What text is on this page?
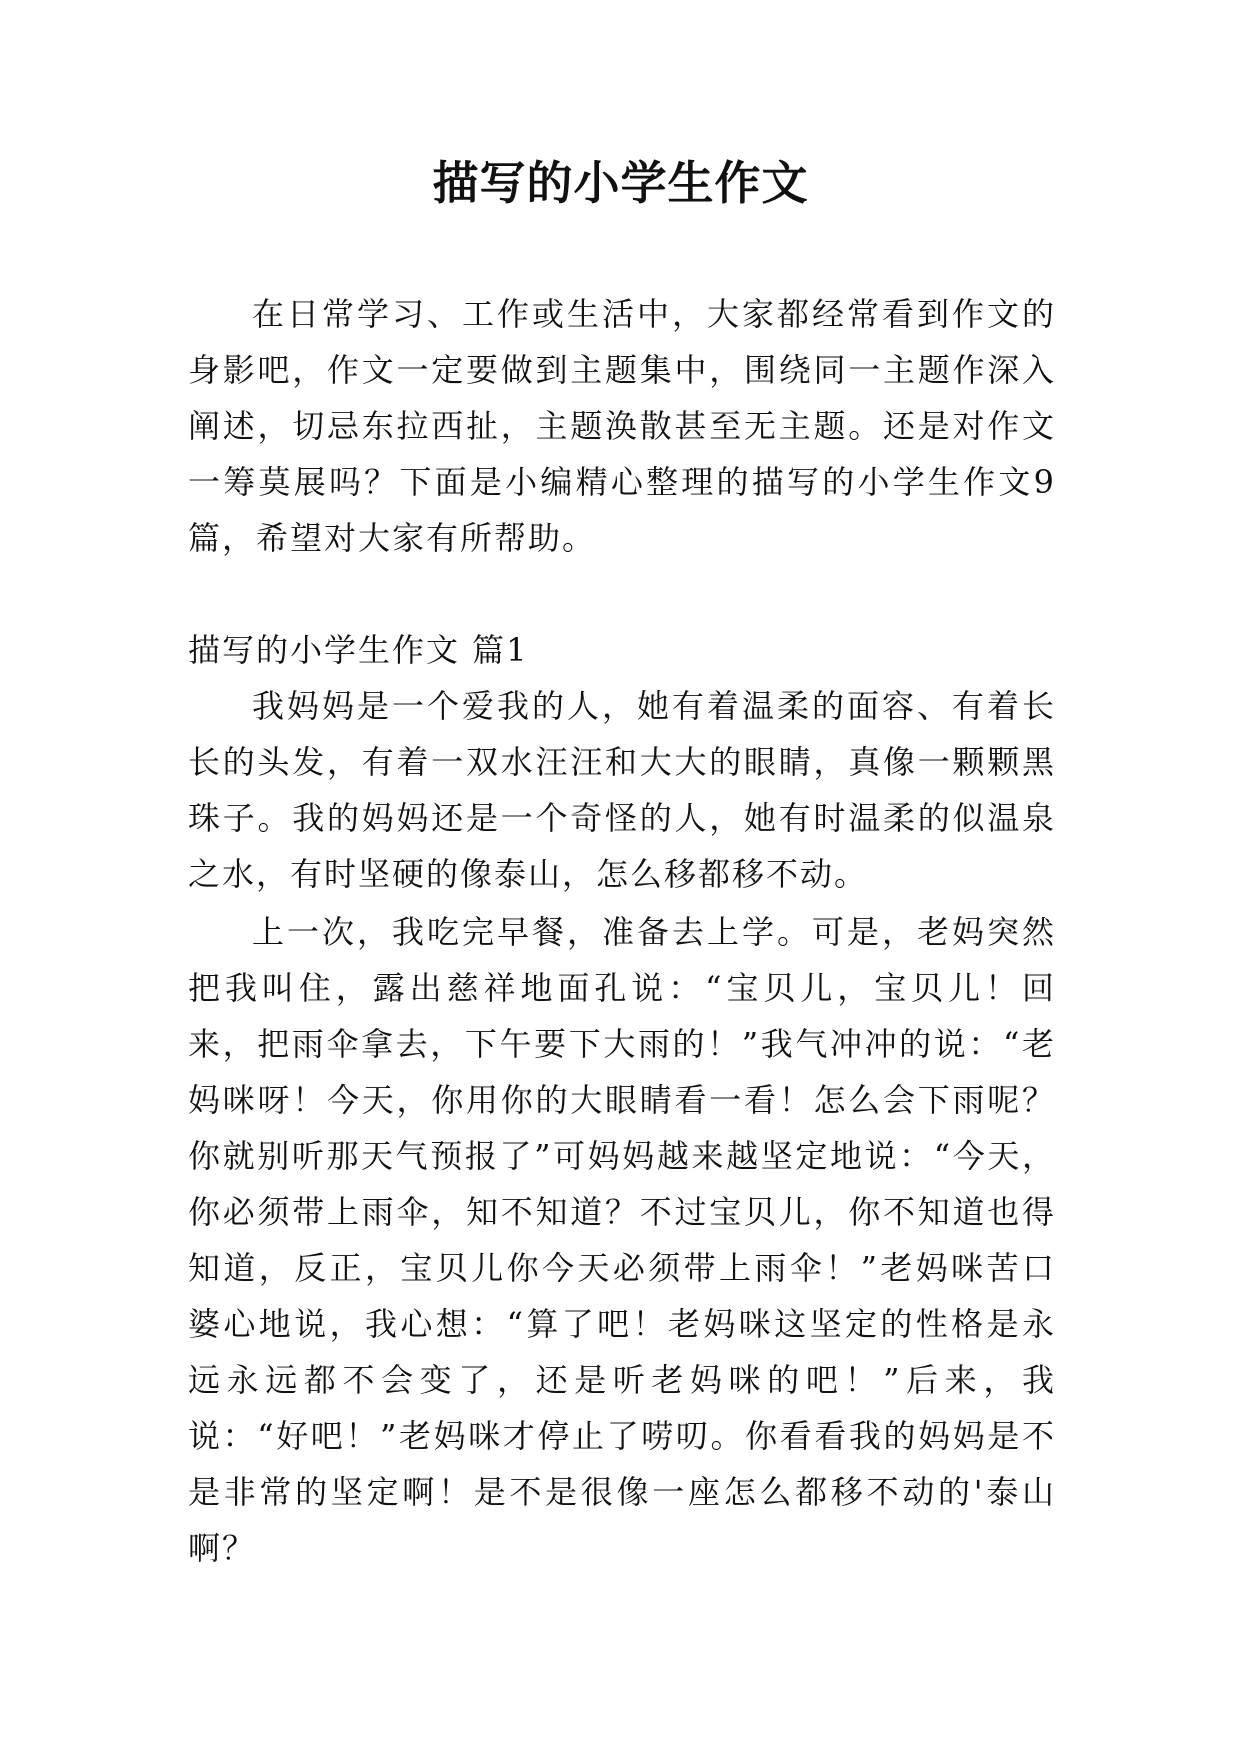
描写的小学生作文

在日常学习、工作或生活中，大家都经常看到作文的身影吧，作文一定要做到主题集中，围绕同一主题作深入阐述，切忌东拉西扯，主题涣散甚至无主题。还是对作文一筹莫展吗？下面是小编精心整理的描写的小学生作文9篇，希望对大家有所帮助。

描写的小学生作文 篇1

我妈妈是一个爱我的人，她有着温柔的面容、有着长长的头发，有着一双水汪汪和大大的眼睛，真像一颗颗黑珠子。我的妈妈还是一个奇怪的人，她有时温柔的似温泉之水，有时坚硬的像泰山，怎么移都移不动。

上一次，我吃完早餐，准备去上学。可是，老妈突然把我叫住，露出慈祥地面孔说：“宝贝儿，宝贝儿！回来，把雨伞拿去，下午要下大雨的！”我气冲冲的说：“老妈咪呀！今天，你用你的大眼睛看一看！怎么会下雨呢？你就别听那天气预报了”可妈妈越来越坚定地说：“今天，你必须带上雨伞，知不知道？不过宝贝儿，你不知道也得知道，反正，宝贝儿你今天必须带上雨伞！”老妈咪苦口婆心地说，我心想：“算了吧！老妈咪这坚定的性格是永远永远都不会变了，还是听老妈咪的吧！”后来，我说：“好吧！”老妈咪才停止了唠叨。你看看我的妈妈是不是非常的坚定啊！是不是很像一座怎么都移不动的'泰山啊？
